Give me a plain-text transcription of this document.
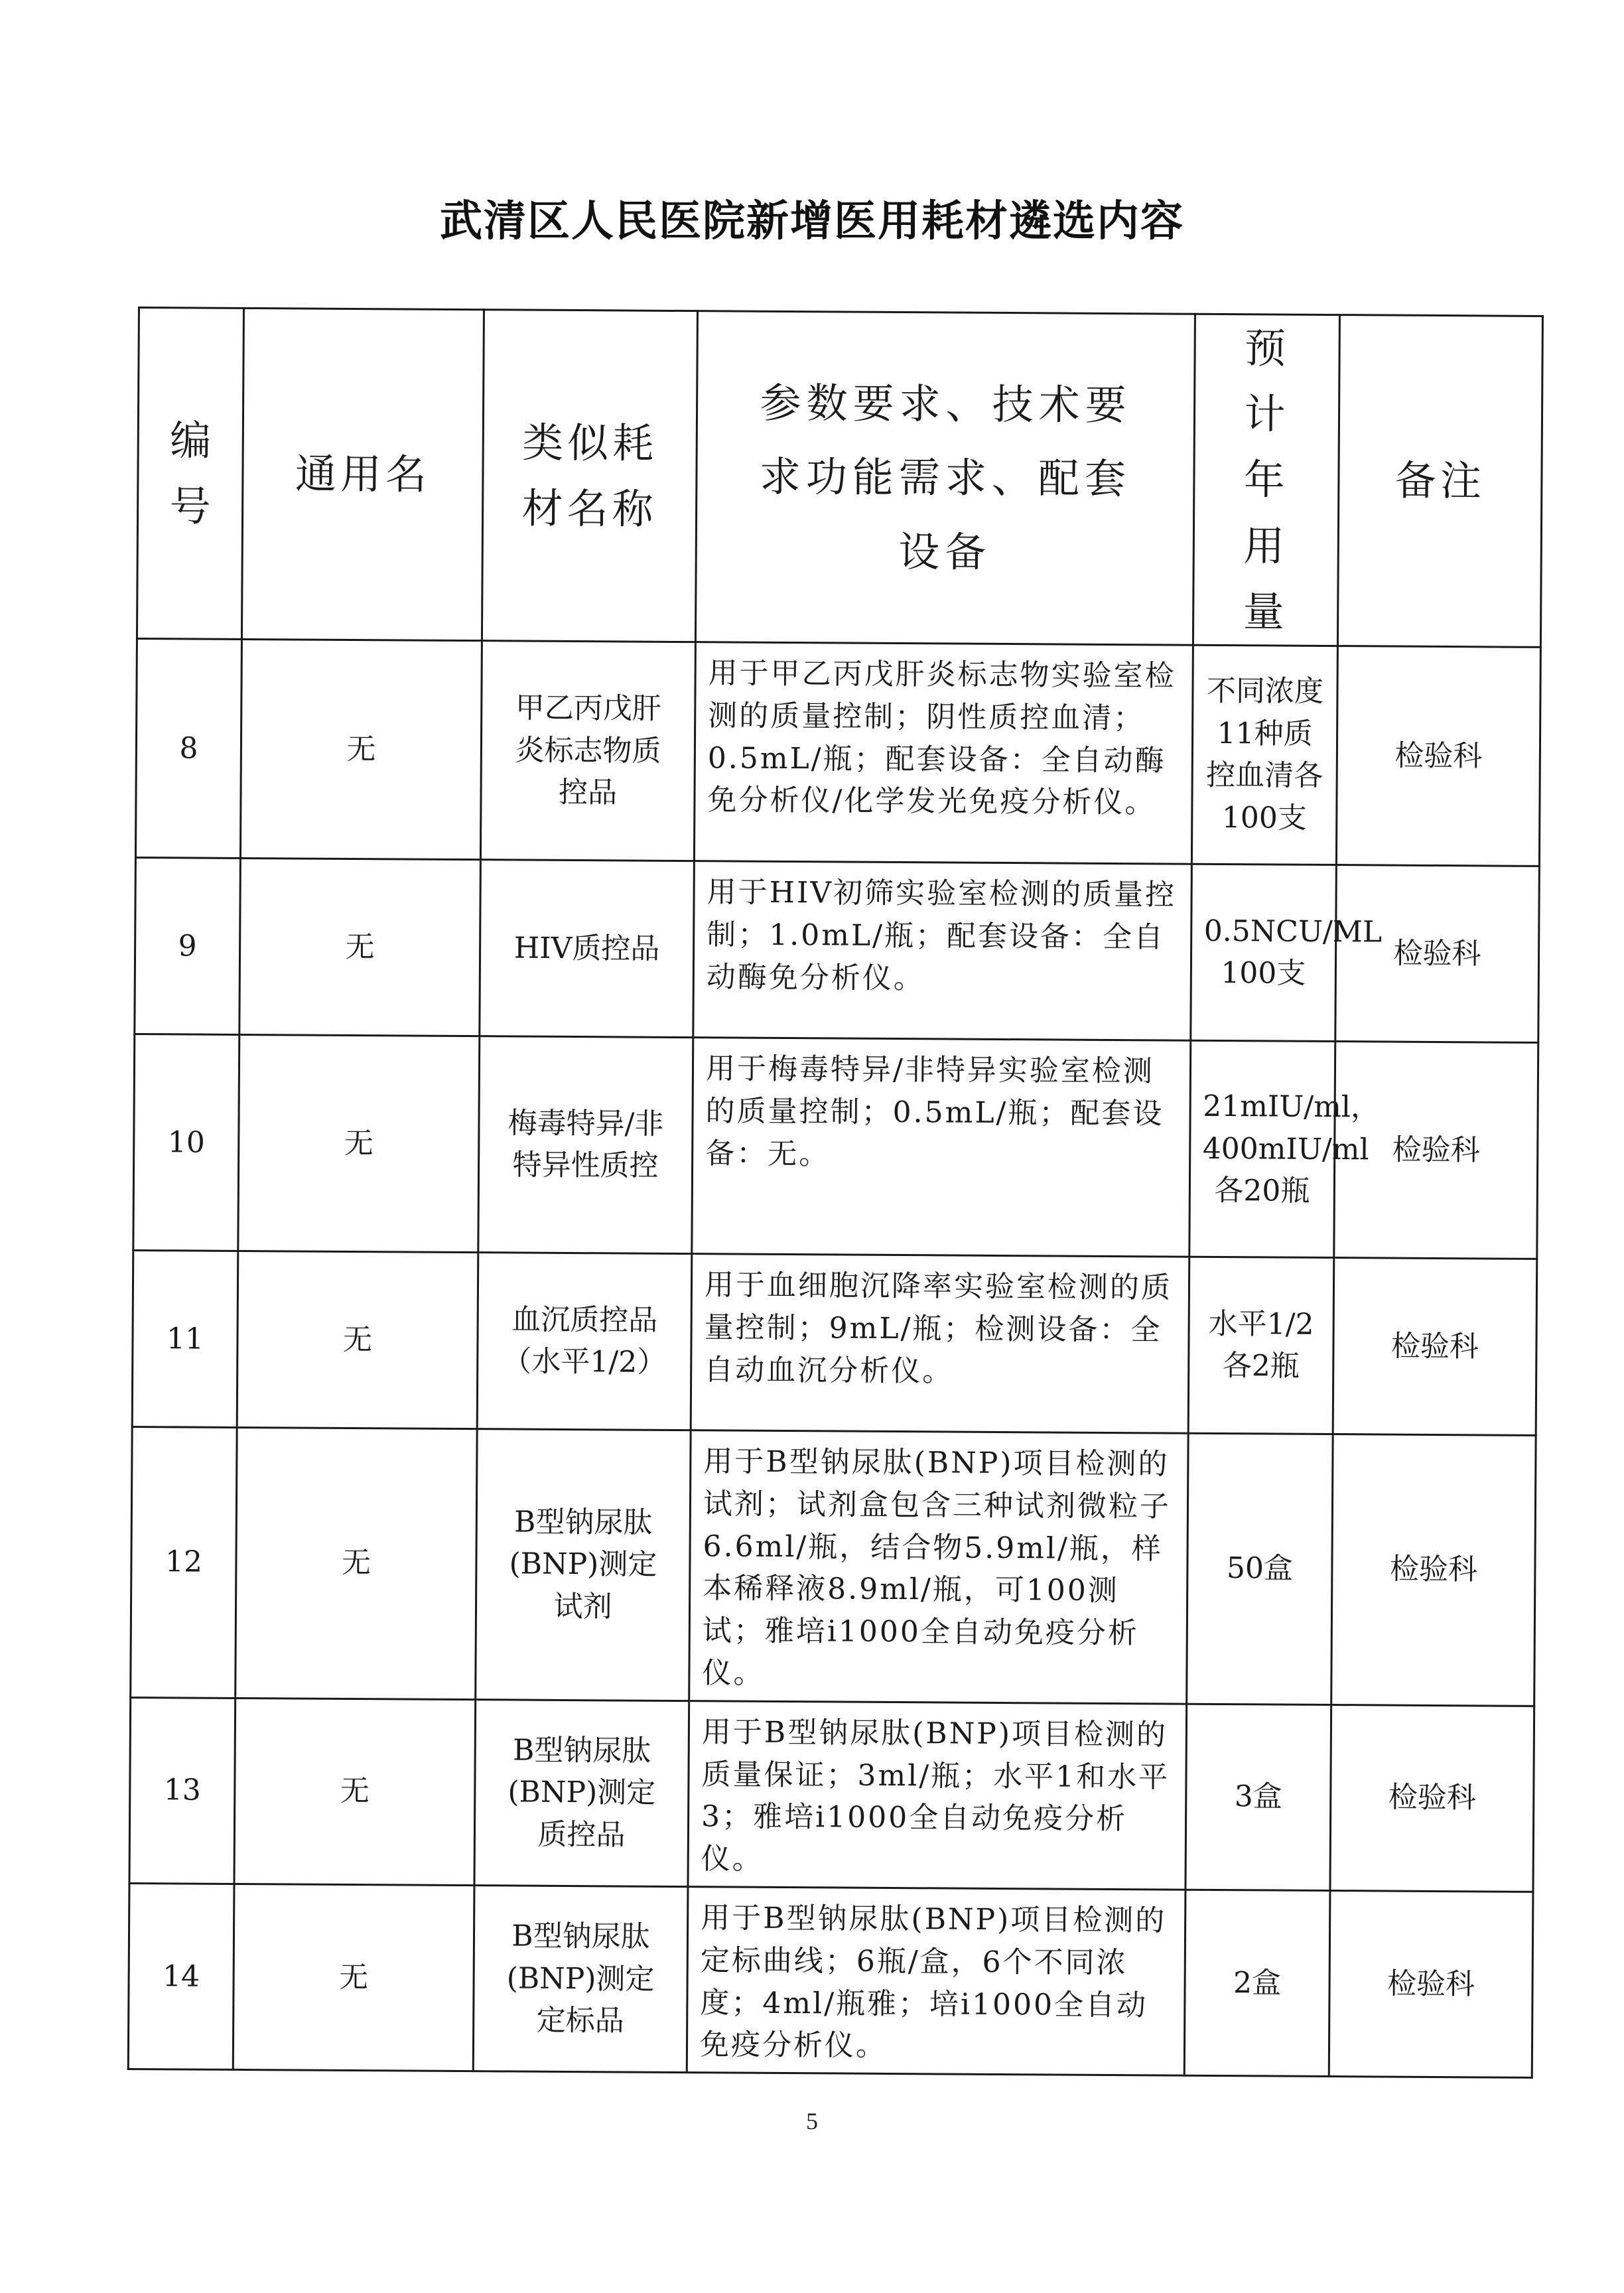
武清区人民医院新增医用耗材遴选内容
编号	通用名	类似耗材名称	参数要求、技术要求功能需求、配套设备	预计年用量	备注
8	无	甲乙丙戊肝炎标志物质控品	用于甲乙丙戊肝炎标志物实验室检测的质量控制；阴性质控血清；0.5mL/瓶；配套设备：全自动酶免分析仪/化学发光免疫分析仪。	不同浓度11种质控血清各100支	检验科
9	无	HIV质控品	用于HIV初筛实验室检测的质量控制；1.0mL/瓶；配套设备：全自动酶免分析仪。	0.5NCU/ML 100支	检验科
10	无	梅毒特异/非特异性质控	用于梅毒特异/非特异实验室检测的质量控制；0.5mL/瓶；配套设备：无。	21mIU/ml，400mIU/ml各20瓶	检验科
11	无	血沉质控品（水平1/2）	用于血细胞沉降率实验室检测的质量控制；9mL/瓶；检测设备：全自动血沉分析仪。	水平1/2各2瓶	检验科
12	无	B型钠尿肽(BNP)测定试剂	用于B型钠尿肽(BNP)项目检测的试剂；试剂盒包含三种试剂微粒子6.6ml/瓶，结合物5.9ml/瓶，样本稀释液8.9ml/瓶，可100测试；雅培i1000全自动免疫分析仪。	50盒	检验科
13	无	B型钠尿肽(BNP)测定质控品	用于B型钠尿肽(BNP)项目检测的质量保证；3ml/瓶；水平1和水平3；雅培i1000全自动免疫分析仪。	3盒	检验科
14	无	B型钠尿肽(BNP)测定定标品	用于B型钠尿肽(BNP)项目检测的定标曲线；6瓶/盒，6个不同浓度；4ml/瓶雅；培i1000全自动免疫分析仪。	2盒	检验科
5
